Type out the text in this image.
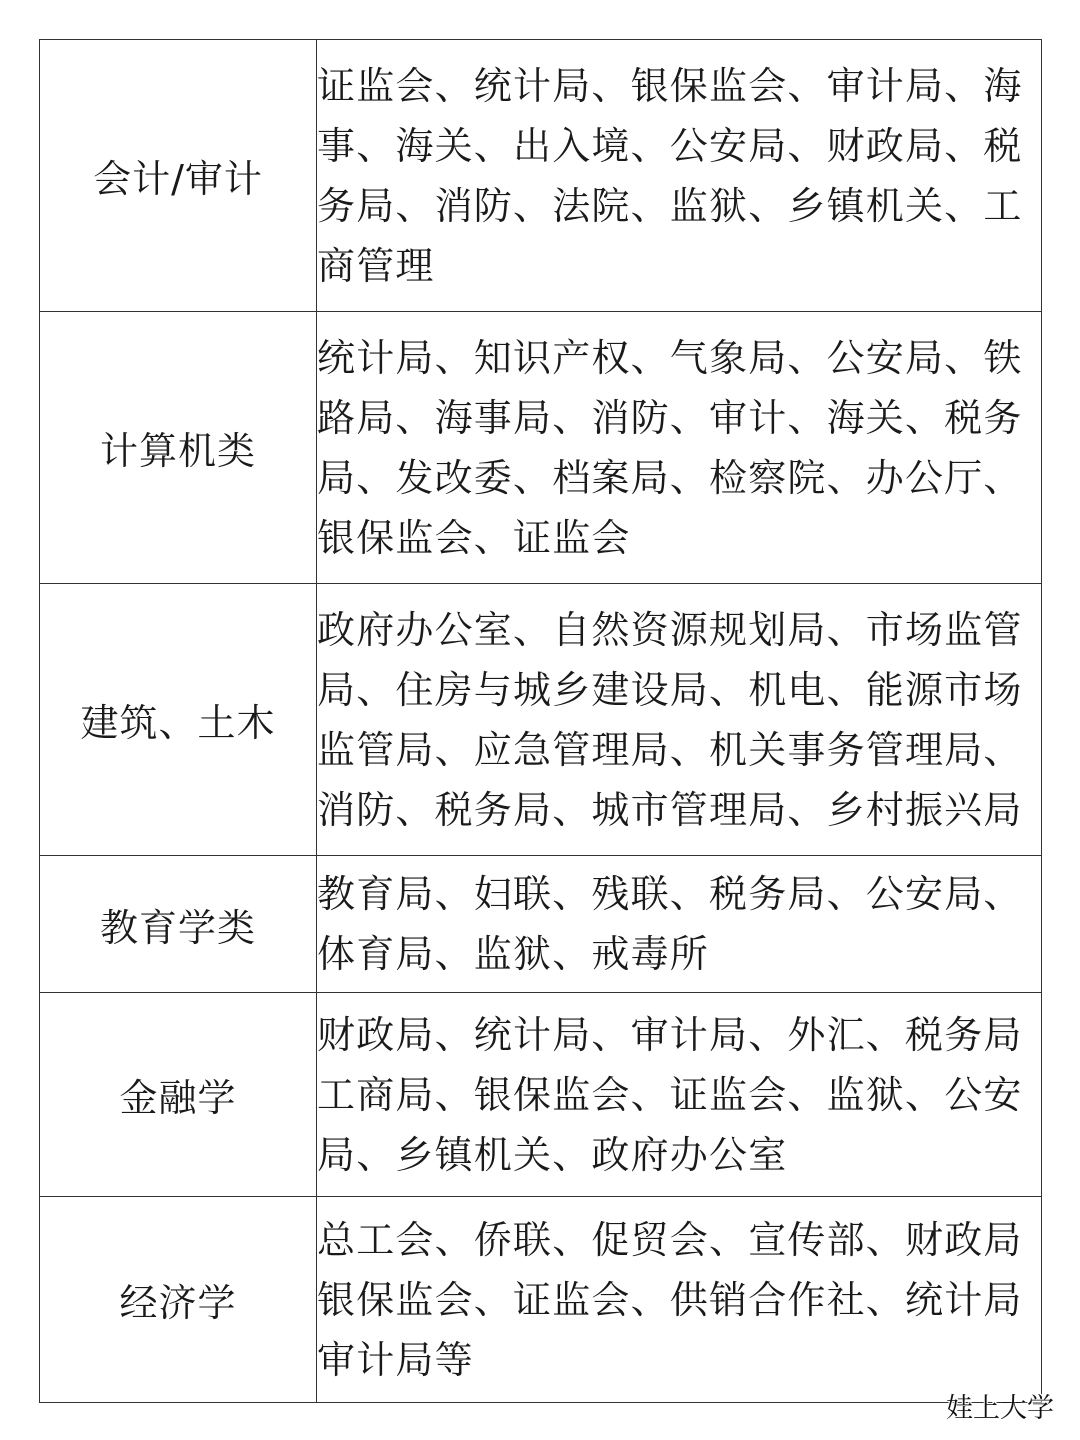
会计/审计	证监会、统计局、银保监会、审计局、海
事、海关、出入境、公安局、财政局、税
务局、消防、法院、监狱、乡镇机关、工
商管理

计算机类	统计局、知识产权、气象局、公安局、铁
路局、海事局、消防、审计、海关、税务
局、发改委、档案局、检察院、办公厅、
银保监会、证监会

建筑、土木	政府办公室、自然资源规划局、市场监管
局、住房与城乡建设局、机电、能源市场
监管局、应急管理局、机关事务管理局、
消防、税务局、城市管理局、乡村振兴局

教育学类	教育局、妇联、残联、税务局、公安局、
体育局、监狱、戒毒所

金融学	财政局、统计局、审计局、外汇、税务局
工商局、银保监会、证监会、监狱、公安
局、乡镇机关、政府办公室

经济学	总工会、侨联、促贸会、宣传部、财政局
银保监会、证监会、供销合作社、统计局
审计局等
娃上大学
